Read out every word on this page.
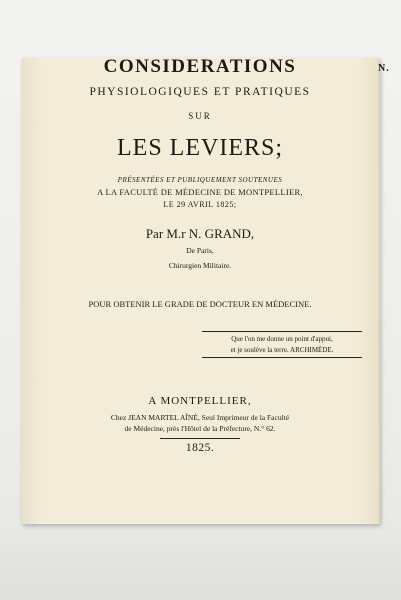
N.
CONSIDERATIONS
PHYSIOLOGIQUES ET PRATIQUES
SUR
LES LEVIERS;
PRÉSENTÉES ET PUBLIQUEMENT SOUTENUES
A LA FACULTÉ DE MÉDECINE DE MONTPELLIER,
LE 29 AVRIL 1825;
Par M.r N. GRAND,
De Paris,
Chirurgien Militaire.
POUR OBTENIR LE GRADE DE DOCTEUR EN MÉDECINE.
Que l'on me donne un point d'appui,
et je soulève la terre. ARCHIMÈDE.
A MONTPELLIER,
Chez JEAN MARTEL AÎNÉ, Seul Imprimeur de la Faculté
de Médecine, près l'Hôtel de la Préfecture, N.° 62.
1825.
